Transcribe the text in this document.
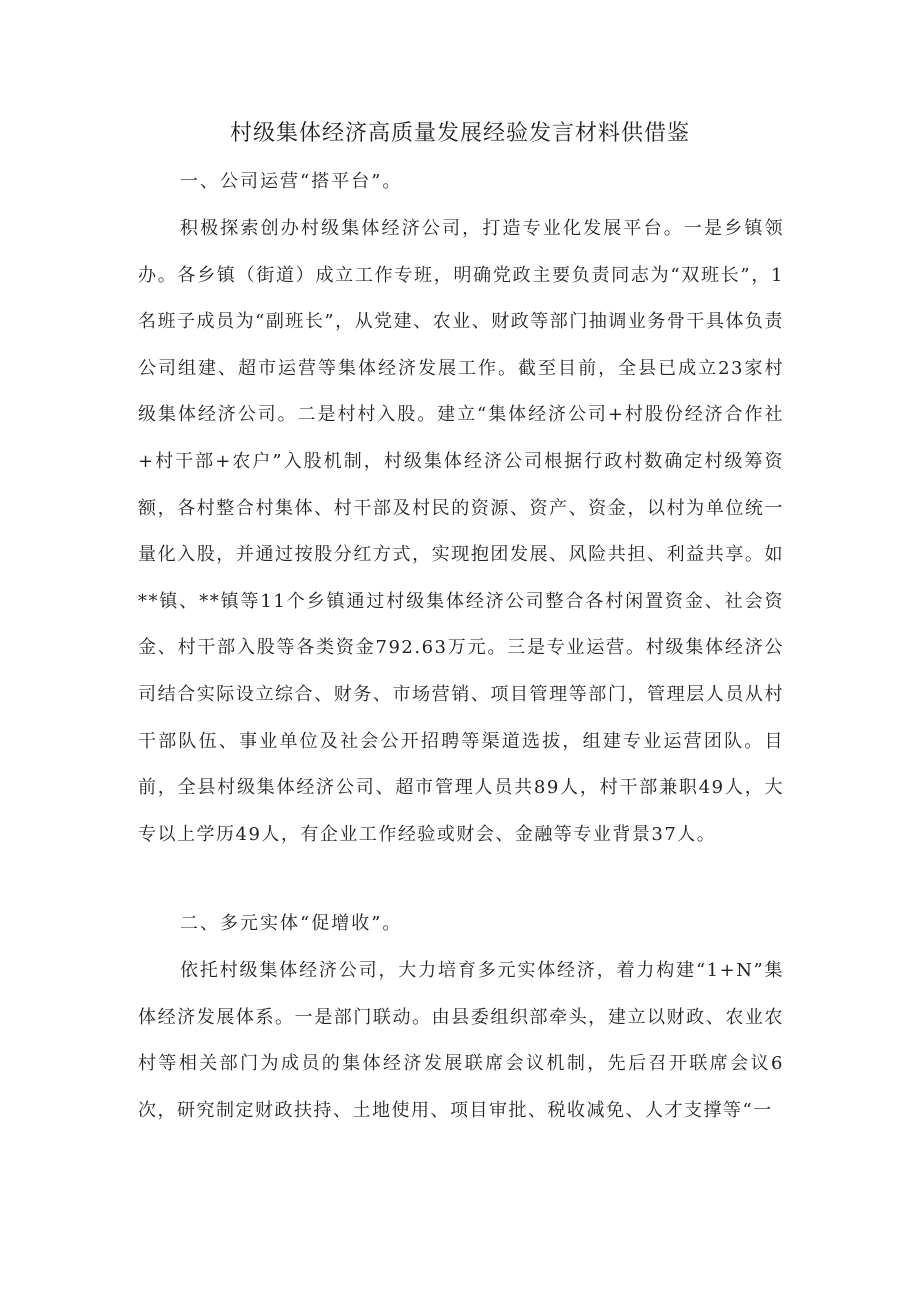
村级集体经济高质量发展经验发言材料供借鉴
一、公司运营“搭平台”。

积极探索创办村级集体经济公司，打造专业化发展平台。一是乡镇领办。各乡镇（街道）成立工作专班，明确党政主要负责同志为“双班长”，1名班子成员为“副班长”，从党建、农业、财政等部门抽调业务骨干具体负责公司组建、超市运营等集体经济发展工作。截至目前，全县已成立23家村级集体经济公司。二是村村入股。建立“集体经济公司+村股份经济合作社+村干部+农户”入股机制，村级集体经济公司根据行政村数确定村级筹资额，各村整合村集体、村干部及村民的资源、资产、资金，以村为单位统一量化入股，并通过按股分红方式，实现抱团发展、风险共担、利益共享。如**镇、**镇等11个乡镇通过村级集体经济公司整合各村闲置资金、社会资金、村干部入股等各类资金792.63万元。三是专业运营。村级集体经济公司结合实际设立综合、财务、市场营销、项目管理等部门，管理层人员从村干部队伍、事业单位及社会公开招聘等渠道选拔，组建专业运营团队。目前，全县村级集体经济公司、超市管理人员共89人，村干部兼职49人，大专以上学历49人，有企业工作经验或财会、金融等专业背景37人。

二、多元实体“促增收”。

依托村级集体经济公司，大力培育多元实体经济，着力构建“1+N”集体经济发展体系。一是部门联动。由县委组织部牵头，建立以财政、农业农村等相关部门为成员的集体经济发展联席会议机制，先后召开联席会议6次，研究制定财政扶持、土地使用、项目审批、税收减免、人才支撑等“一
